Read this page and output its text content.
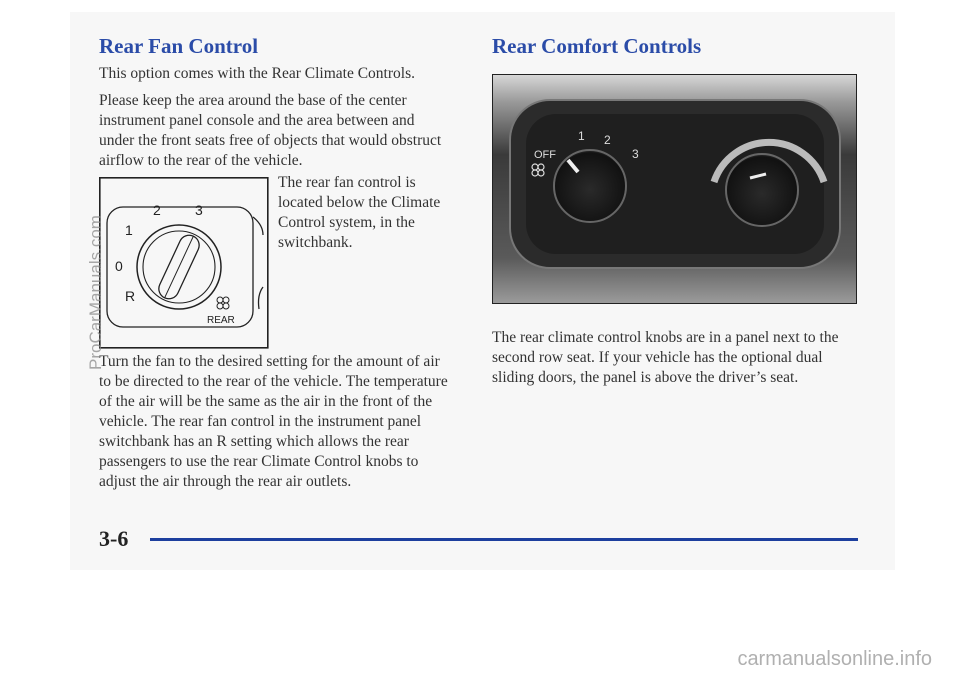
Rear Fan Control

This option comes with the Rear Climate Controls.

Please keep the area around the base of the center
instrument panel console and the area between and
under the front seats free of objects that would obstruct
airflow to the rear of the vehicle.
2 3
1
0
R
REAR
The rear fan control is
located below the Climate
Control system, in the
switchbank.
Turn the fan to the desired setting for the amount of air
to be directed to the rear of the vehicle. The temperature
of the air will be the same as the air in the front of the
vehicle. The rear fan control in the instrument panel
switchbank has an R setting which allows the rear
passengers to use the rear Climate Control knobs to
adjust the air through the rear air outlets.
ProCarManuals.com
Rear Comfort Controls
OFF
1 2
3
The rear climate control knobs are in a panel next to the
second row seat. If your vehicle has the optional dual
sliding doors, the panel is above the driver’s seat.
3-6
carmanualsonline.info
